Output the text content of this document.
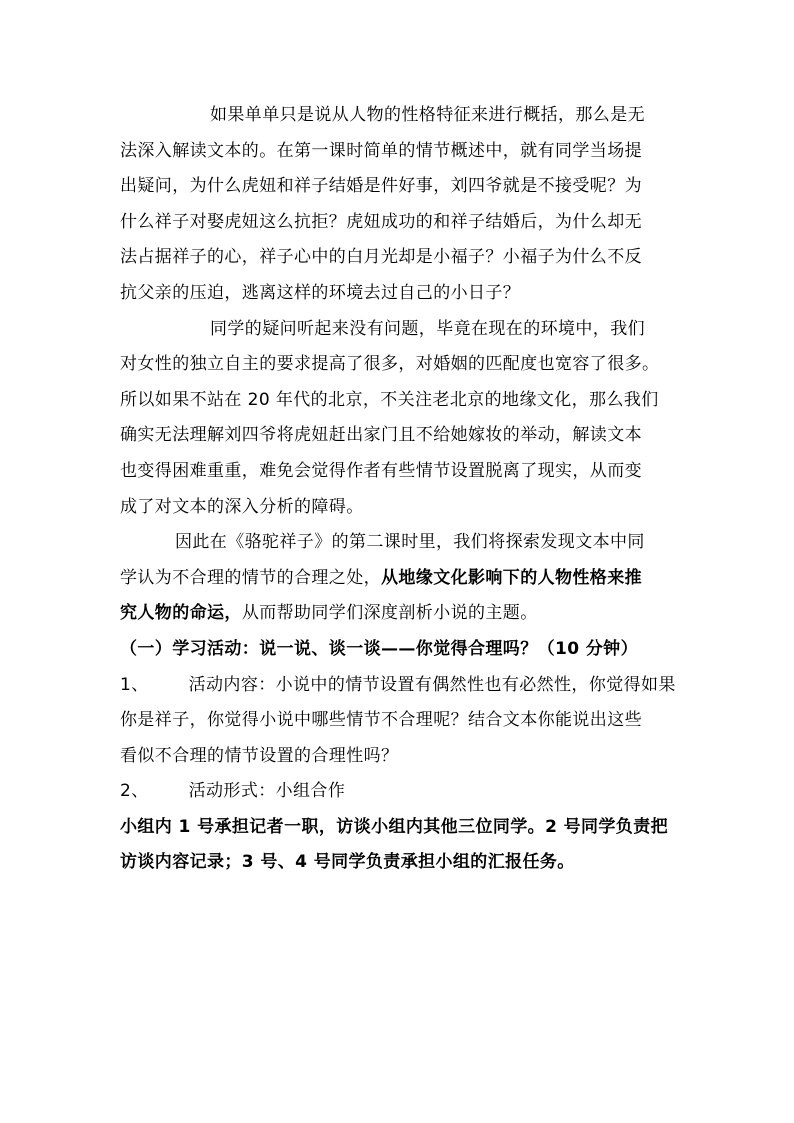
如果单单只是说从人物的性格特征来进行概括，那么是无
法深入解读文本的。在第一课时简单的情节概述中，就有同学当场提
出疑问，为什么虎妞和祥子结婚是件好事，刘四爷就是不接受呢？为
什么祥子对娶虎妞这么抗拒？虎妞成功的和祥子结婚后，为什么却无
法占据祥子的心，祥子心中的白月光却是小福子？小福子为什么不反
抗父亲的压迫，逃离这样的环境去过自己的小日子？
同学的疑问听起来没有问题，毕竟在现在的环境中，我们
对女性的独立自主的要求提高了很多，对婚姻的匹配度也宽容了很多。
所以如果不站在 20 年代的北京，不关注老北京的地缘文化，那么我们
确实无法理解刘四爷将虎妞赶出家门且不给她嫁妆的举动，解读文本
也变得困难重重，难免会觉得作者有些情节设置脱离了现实，从而变
成了对文本的深入分析的障碍。
因此在《骆驼祥子》的第二课时里，我们将探索发现文本中同
学认为不合理的情节的合理之处，从地缘文化影响下的人物性格来推
究人物的命运，从而帮助同学们深度剖析小说的主题。
（一）学习活动：说一说、谈一谈——你觉得合理吗？（10 分钟）
1、 活动内容：小说中的情节设置有偶然性也有必然性，你觉得如果
你是祥子，你觉得小说中哪些情节不合理呢？结合文本你能说出这些
看似不合理的情节设置的合理性吗？
2、 活动形式：小组合作
小组内 1 号承担记者一职，访谈小组内其他三位同学。2 号同学负责把
访谈内容记录；3 号、4 号同学负责承担小组的汇报任务。
